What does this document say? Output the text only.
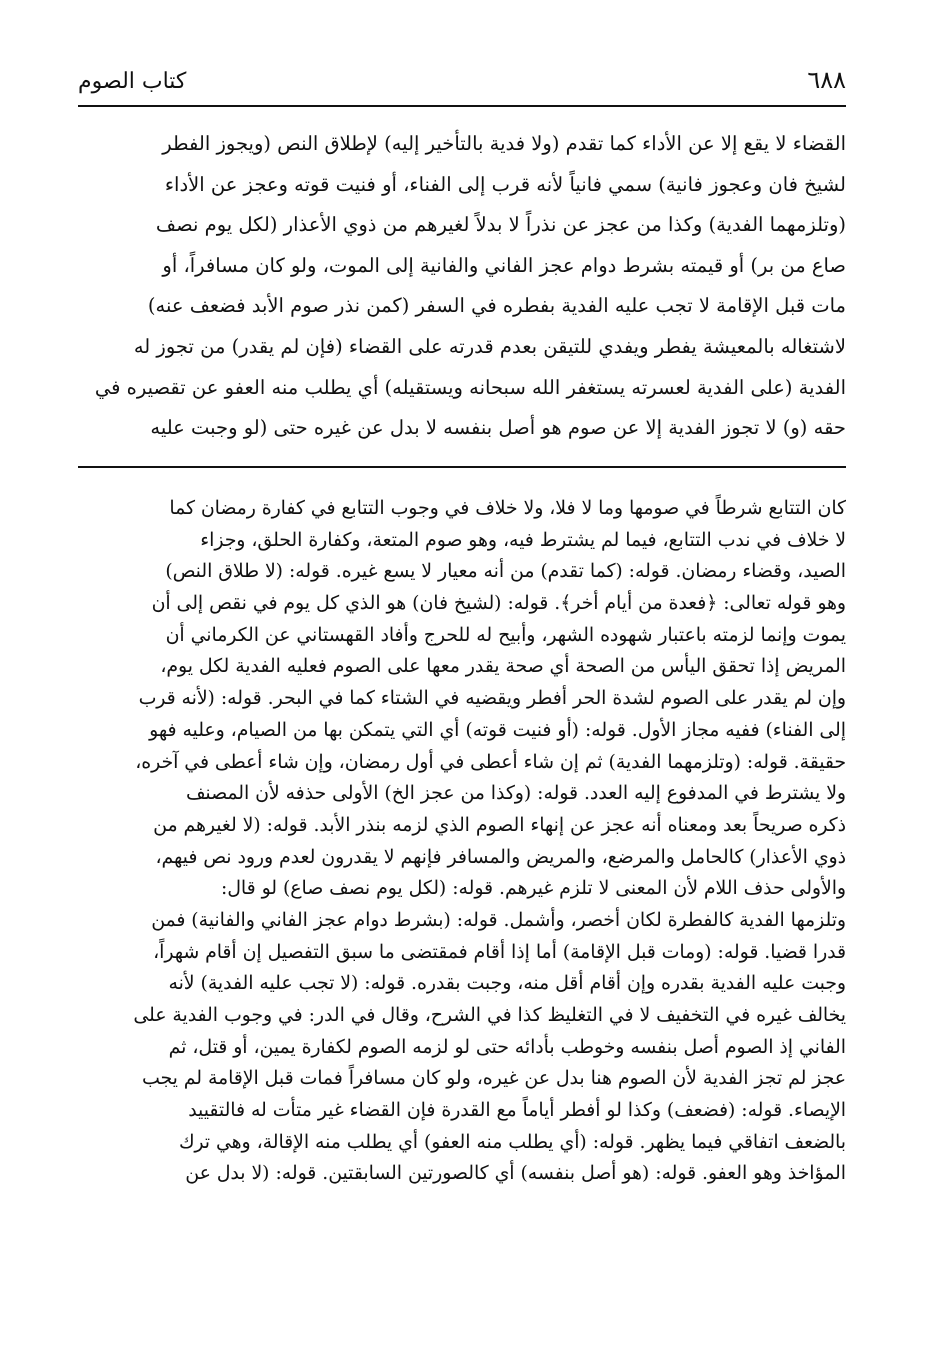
٦٨٨
كتاب الصوم

القضاء لا يقع إلا عن الأداء كما تقدم (ولا فدية بالتأخير إليه) لإطلاق النص (ويجوز الفطر

لشيخ فان وعجوز فانية) سمي فانياً لأنه قرب إلى الفناء، أو فنيت قوته وعجز عن الأداء

(وتلزمهما الفدية) وكذا من عجز عن نذراً لا بدلاً لغيرهم من ذوي الأعذار (لكل يوم نصف

صاع من بر) أو قيمته بشرط دوام عجز الفاني والفانية إلى الموت، ولو كان مسافراً، أو

مات قبل الإقامة لا تجب عليه الفدية بفطره في السفر (كمن نذر صوم الأبد فضعف عنه)

لاشتغاله بالمعيشة يفطر ويفدي للتيقن بعدم قدرته على القضاء (فإن لم يقدر) من تجوز له

الفدية (على الفدية لعسرته يستغفر الله سبحانه ويستقيله) أي يطلب منه العفو عن تقصيره في

حقه (و) لا تجوز الفدية إلا عن صوم هو أصل بنفسه لا بدل عن غيره حتى (لو وجبت عليه

كان التتابع شرطاً في صومها وما لا فلا، ولا خلاف في وجوب التتابع في كفارة رمضان كما

لا خلاف في ندب التتابع، فيما لم يشترط فيه، وهو صوم المتعة، وكفارة الحلق، وجزاء

الصيد، وقضاء رمضان. قوله: (كما تقدم) من أنه معيار لا يسع غيره. قوله: (لا طلاق النص)

وهو قوله تعالى: ﴿فعدة من أيام أخر﴾. قوله: (لشيخ فان) هو الذي كل يوم في نقص إلى أن

يموت وإنما لزمته باعتبار شهوده الشهر، وأبيح له للحرج وأفاد القهستاني عن الكرماني أن

المريض إذا تحقق اليأس من الصحة أي صحة يقدر معها على الصوم فعليه الفدية لكل يوم،

وإن لم يقدر على الصوم لشدة الحر أفطر ويقضيه في الشتاء كما في البحر. قوله: (لأنه قرب

إلى الفناء) ففيه مجاز الأول. قوله: (أو فنيت قوته) أي التي يتمكن بها من الصيام، وعليه فهو

حقيقة. قوله: (وتلزمهما الفدية) ثم إن شاء أعطى في أول رمضان، وإن شاء أعطى في آخره،

ولا يشترط في المدفوع إليه العدد. قوله: (وكذا من عجز الخ) الأولى حذفه لأن المصنف

ذكره صريحاً بعد ومعناه أنه عجز عن إنهاء الصوم الذي لزمه بنذر الأبد. قوله: (لا لغيرهم من

ذوي الأعذار) كالحامل والمرضع، والمريض والمسافر فإنهم لا يقدرون لعدم ورود نص فيهم،

والأولى حذف اللام لأن المعنى لا تلزم غيرهم. قوله: (لكل يوم نصف صاع) لو قال:

وتلزمها الفدية كالفطرة لكان أخصر، وأشمل. قوله: (بشرط دوام عجز الفاني والفانية) فمن

قدرا قضيا. قوله: (ومات قبل الإقامة) أما إذا أقام فمقتضى ما سبق التفصيل إن أقام شهراً،

وجبت عليه الفدية بقدره وإن أقام أقل منه، وجبت بقدره. قوله: (لا تجب عليه الفدية) لأنه

يخالف غيره في التخفيف لا في التغليظ كذا في الشرح، وقال في الدر: في وجوب الفدية على

الفاني إذ الصوم أصل بنفسه وخوطب بأدائه حتى لو لزمه الصوم لكفارة يمين، أو قتل، ثم

عجز لم تجز الفدية لأن الصوم هنا بدل عن غيره، ولو كان مسافراً فمات قبل الإقامة لم يجب

الإيصاء. قوله: (فضعف) وكذا لو أفطر أياماً مع القدرة فإن القضاء غير متأت له فالتقييد

بالضعف اتفاقي فيما يظهر. قوله: (أي يطلب منه العفو) أي يطلب منه الإقالة، وهي ترك

المؤاخذ وهو العفو. قوله: (هو أصل بنفسه) أي كالصورتين السابقتين. قوله: (لا بدل عن
